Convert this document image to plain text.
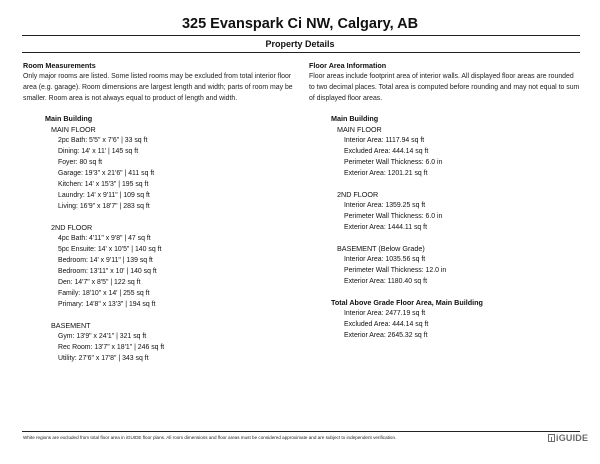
325 Evanspark Ci NW, Calgary, AB
Property Details
Room Measurements
Only major rooms are listed. Some listed rooms may be excluded from total interior floor area (e.g. garage). Room dimensions are largest length and width; parts of room may be smaller. Room area is not always equal to product of length and width.
Main Building
MAIN FLOOR
2pc Bath: 5'5" x 7'6" | 33 sq ft
Dining: 14' x 11' | 145 sq ft
Foyer: 80 sq ft
Garage: 19'3" x 21'6" | 411 sq ft
Kitchen: 14' x 15'3" | 195 sq ft
Laundry: 14' x 9'11" | 109 sq ft
Living: 16'9" x 18'7" | 283 sq ft
2ND FLOOR
4pc Bath: 4'11" x 9'8" | 47 sq ft
5pc Ensuite: 14' x 10'5" | 140 sq ft
Bedroom: 14' x 9'11" | 139 sq ft
Bedroom: 13'11" x 10' | 140 sq ft
Den: 14'7" x 8'5" | 122 sq ft
Family: 18'10" x 14' | 255 sq ft
Primary: 14'8" x 13'3" | 194 sq ft
BASEMENT
Gym: 13'9" x 24'1" | 321 sq ft
Rec Room: 13'7" x 18'1" | 246 sq ft
Utility: 27'6" x 17'8" | 343 sq ft
Floor Area Information
Floor areas include footprint area of interior walls. All displayed floor areas are rounded to two decimal places. Total area is computed before rounding and may not equal to sum of displayed floor areas.
Main Building
MAIN FLOOR
Interior Area: 1117.94 sq ft
Excluded Area: 444.14 sq ft
Perimeter Wall Thickness: 6.0 in
Exterior Area: 1201.21 sq ft
2ND FLOOR
Interior Area: 1359.25 sq ft
Perimeter Wall Thickness: 6.0 in
Exterior Area: 1444.11 sq ft
BASEMENT (Below Grade)
Interior Area: 1035.56 sq ft
Perimeter Wall Thickness: 12.0 in
Exterior Area: 1180.40 sq ft
Total Above Grade Floor Area, Main Building
Interior Area: 2477.19 sq ft
Excluded Area: 444.14 sq ft
Exterior Area: 2645.32 sq ft
White regions are excluded from total floor area in iGUIDE floor plans. All room dimensions and floor areas must be considered approximate and are subject to independent verification.	iGUIDE
